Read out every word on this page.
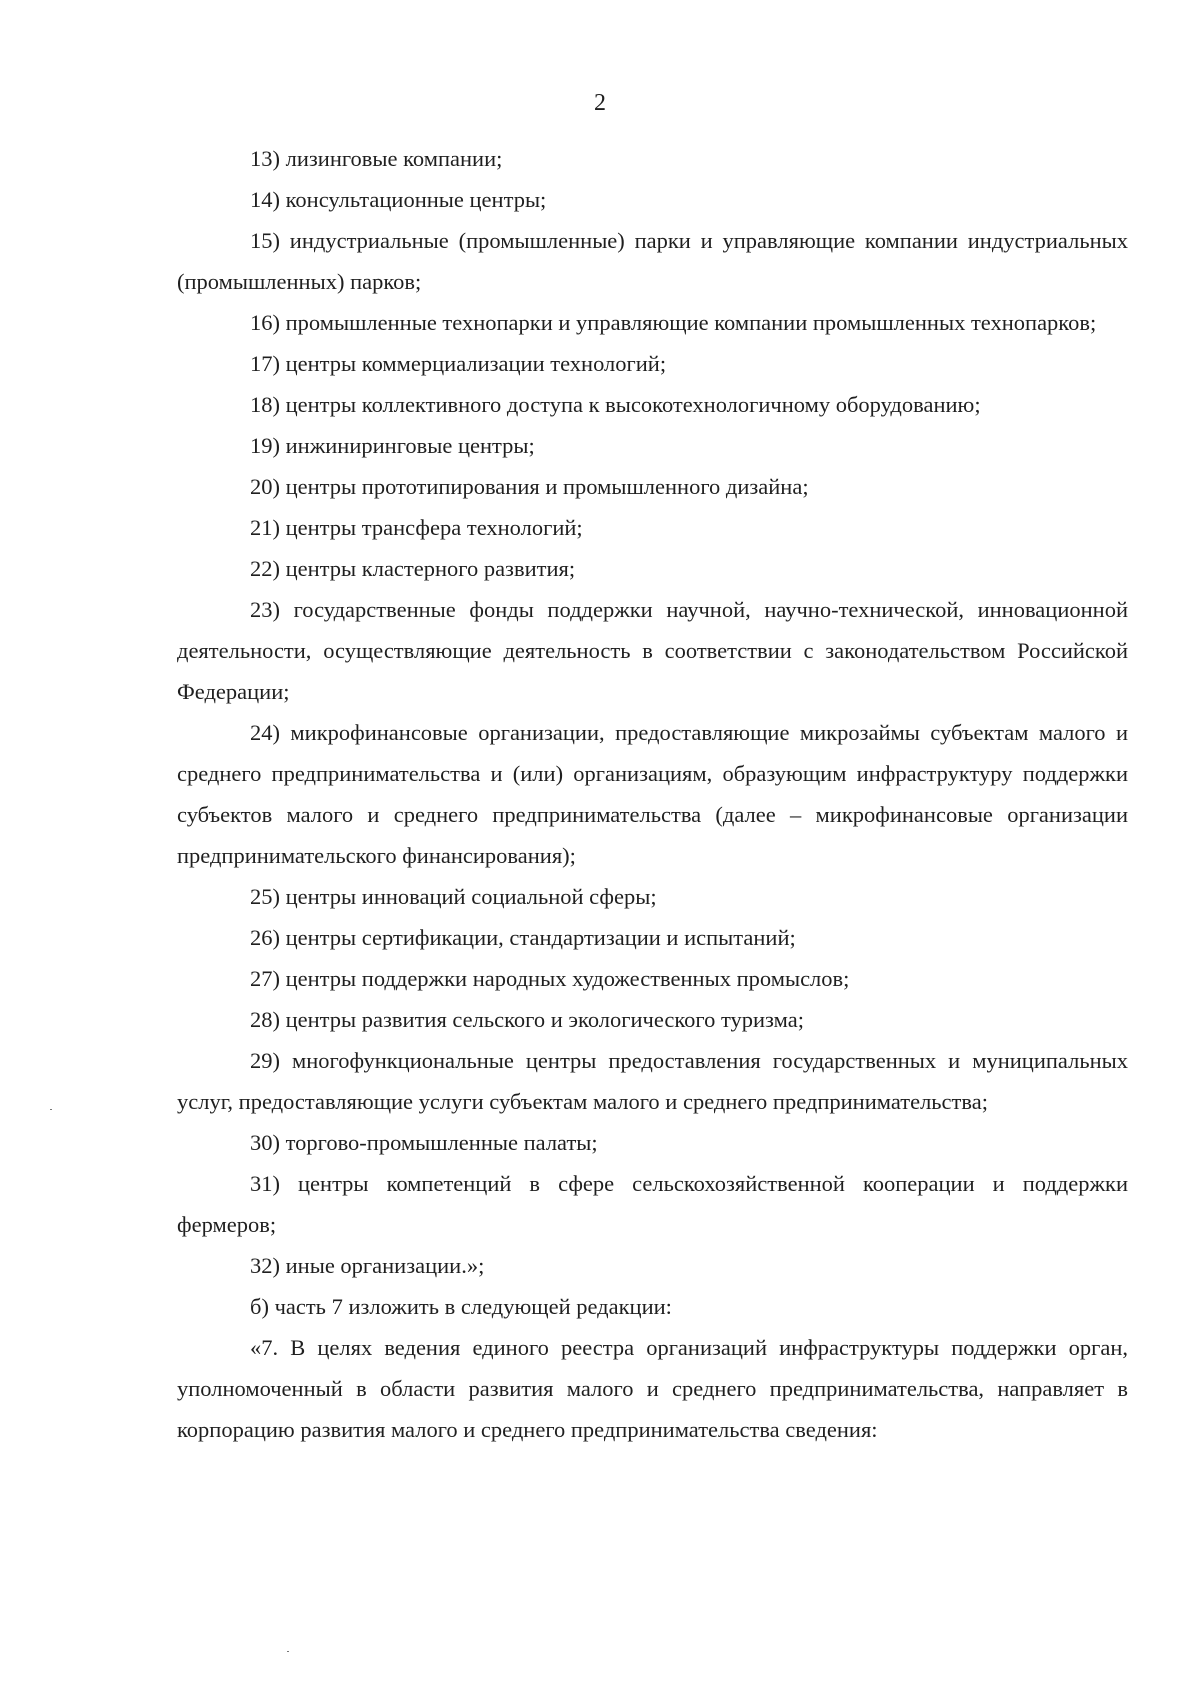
2

13) лизинговые компании;

14) консультационные центры;

15) индустриальные (промышленные) парки и управляющие компании индустриальных (промышленных) парков;

16) промышленные технопарки и управляющие компании промышленных технопарков;

17) центры коммерциализации технологий;

18) центры коллективного доступа к высокотехнологичному оборудованию;

19) инжиниринговые центры;

20) центры прототипирования и промышленного дизайна;

21) центры трансфера технологий;

22) центры кластерного развития;

23) государственные фонды поддержки научной, научно-технической, инновационной деятельности, осуществляющие деятельность в соответствии с законодательством Российской Федерации;

24) микрофинансовые организации, предоставляющие микрозаймы субъектам малого и среднего предпринимательства и (или) организациям, образующим инфраструктуру поддержки субъектов малого и среднего предпринимательства (далее – микрофинансовые организации предпринимательского финансирования);

25) центры инноваций социальной сферы;

26) центры сертификации, стандартизации и испытаний;

27) центры поддержки народных художественных промыслов;

28) центры развития сельского и экологического туризма;

29) многофункциональные центры предоставления государственных и муниципальных услуг, предоставляющие услуги субъектам малого и среднего предпринимательства;

30) торгово-промышленные палаты;

31) центры компетенций в сфере сельскохозяйственной кооперации и поддержки фермеров;

32) иные организации.»;

б) часть 7 изложить в следующей редакции:

«7. В целях ведения единого реестра организаций инфраструктуры поддержки орган, уполномоченный в области развития малого и среднего предпринимательства, направляет в корпорацию развития малого и среднего предпринимательства сведения:
